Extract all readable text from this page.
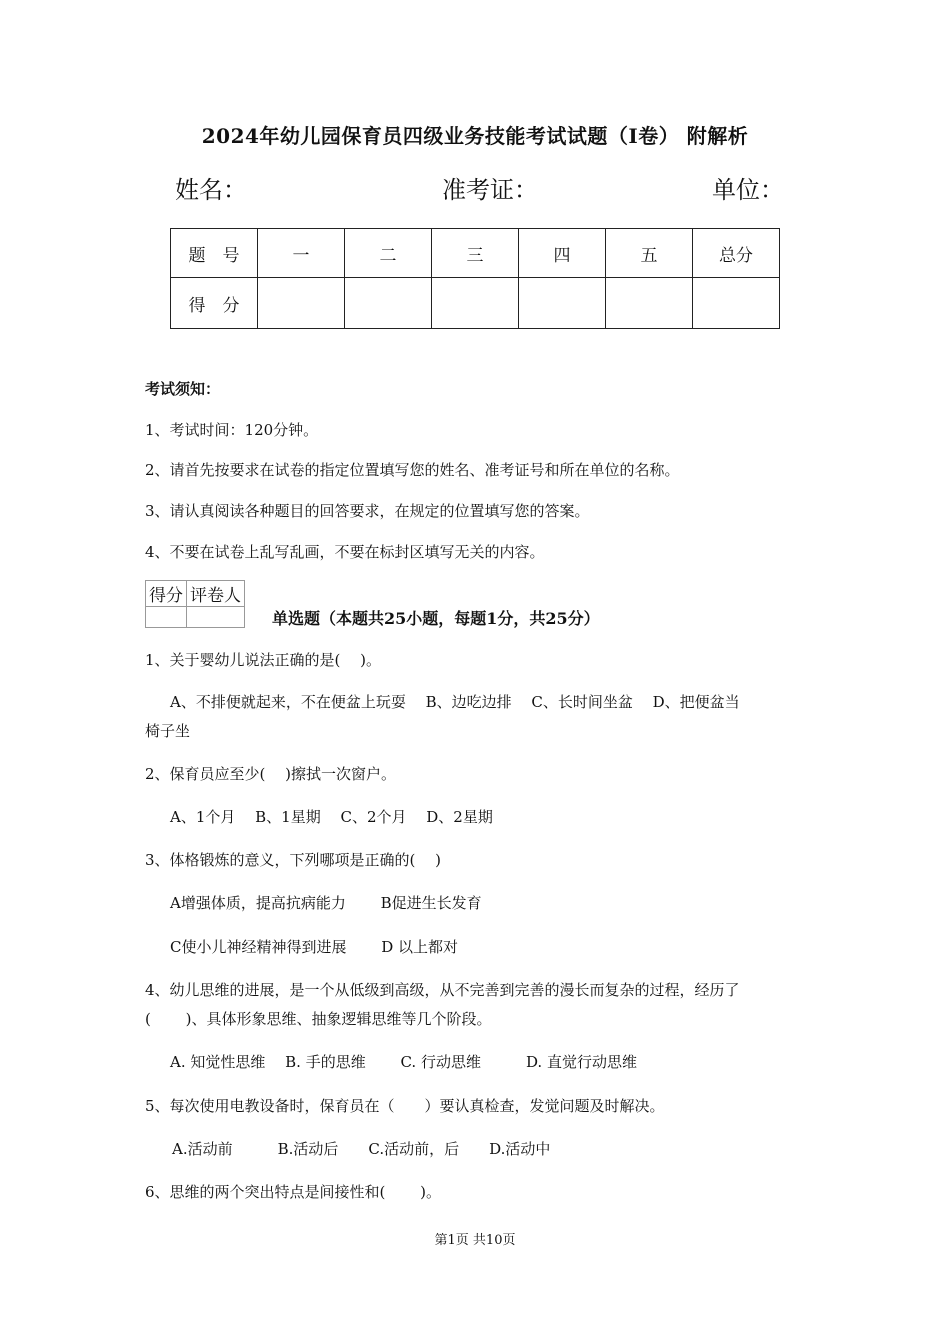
2024年幼儿园保育员四级业务技能考试试题（I卷） 附解析
姓名：	准考证：	单位：
题　号	一	二	三	四	五	总分
得　分						
考试须知：
1、考试时间：120分钟。
2、请首先按要求在试卷的指定位置填写您的姓名、准考证号和所在单位的名称。
3、请认真阅读各种题目的回答要求，在规定的位置填写您的答案。
4、不要在试卷上乱写乱画，不要在标封区填写无关的内容。
得分	评卷人

单选题（本题共25小题，每题1分，共25分）
1、关于婴幼儿说法正确的是(　 )。
A、不排便就起来，不在便盆上玩耍　 B、边吃边排　 C、长时间坐盆　 D、把便盆当
椅子坐
2、保育员应至少(　 )擦拭一次窗户。
A、1个月　 B、1星期　 C、2个月　 D、2星期
3、体格锻炼的意义，下列哪项是正确的(　 )
A增强体质，提高抗病能力　　 B促进生长发育
C使小儿神经精神得到进展　　 D 以上都对
4、幼儿思维的进展，是一个从低级到高级，从不完善到完善的漫长而复杂的过程，经历了
(　　 )、具体形象思维、抽象逻辑思维等几个阶段。
A. 知觉性思维　 B. 手的思维　　 C. 行动思维　　　D. 直觉行动思维
5、每次使用电教设备时，保育员在（　　）要认真检查，发觉问题及时解决。
A.活动前　　　B.活动后　　C.活动前，后　　D.活动中
6、思维的两个突出特点是间接性和(　　 )。
第1页 共10页
